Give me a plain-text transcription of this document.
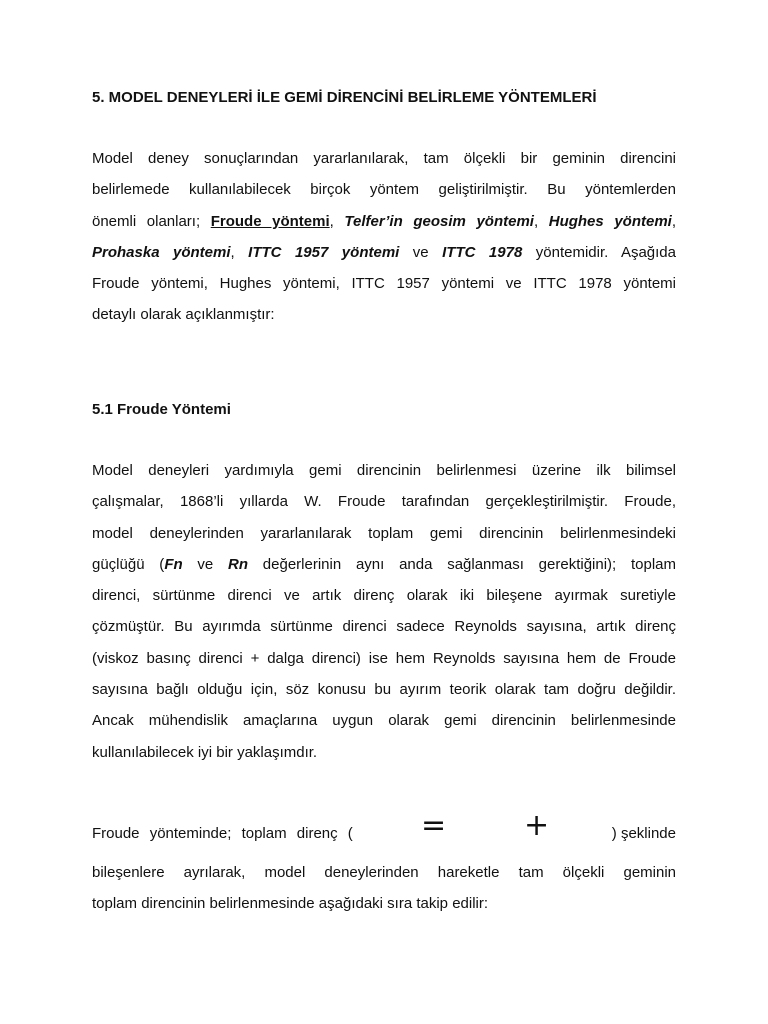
5. MODEL DENEYLERİ İLE GEMİ DİRENCİNİ BELİRLEME YÖNTEMLERİ
Model deney sonuçlarından yararlanılarak, tam ölçekli bir geminin direncini
belirlemede kullanılabilecek birçok yöntem geliştirilmiştir. Bu yöntemlerden
önemli olanları; Froude yöntemi, Telfer’in geosim yöntemi, Hughes yöntemi,
Prohaska yöntemi, ITTC 1957 yöntemi ve ITTC 1978 yöntemidir. Aşağıda
Froude yöntemi, Hughes yöntemi, ITTC 1957 yöntemi ve ITTC 1978 yöntemi
detaylı olarak açıklanmıştır:
5.1 Froude Yöntemi
Model deneyleri yardımıyla gemi direncinin belirlenmesi üzerine ilk bilimsel
çalışmalar, 1868’li yıllarda W. Froude tarafından gerçekleştirilmiştir. Froude,
model deneylerinden yararlanılarak toplam gemi direncinin belirlenmesindeki
güçlüğü (Fn ve Rn değerlerinin aynı anda sağlanması gerektiğini); toplam
direnci, sürtünme direnci ve artık direnç olarak iki bileşene ayırmak suretiyle
çözmüştür. Bu ayırımda sürtünme direnci sadece Reynolds sayısına, artık direnç
(viskoz basınç direnci + dalga direnci) ise hem Reynolds sayısına hem de Froude
sayısına bağlı olduğu için, söz konusu bu ayırım teorik olarak tam doğru değildir.
Ancak mühendislik amaçlarına uygun olarak gemi direncinin belirlenmesinde
kullanılabilecek iyi bir yaklaşımdır.
Froude yönteminde; toplam direnç ( =	+	) şeklinde
bileşenlere ayrılarak, model deneylerinden hareketle tam ölçekli geminin
toplam direncinin belirlenmesinde aşağıdaki sıra takip edilir:
